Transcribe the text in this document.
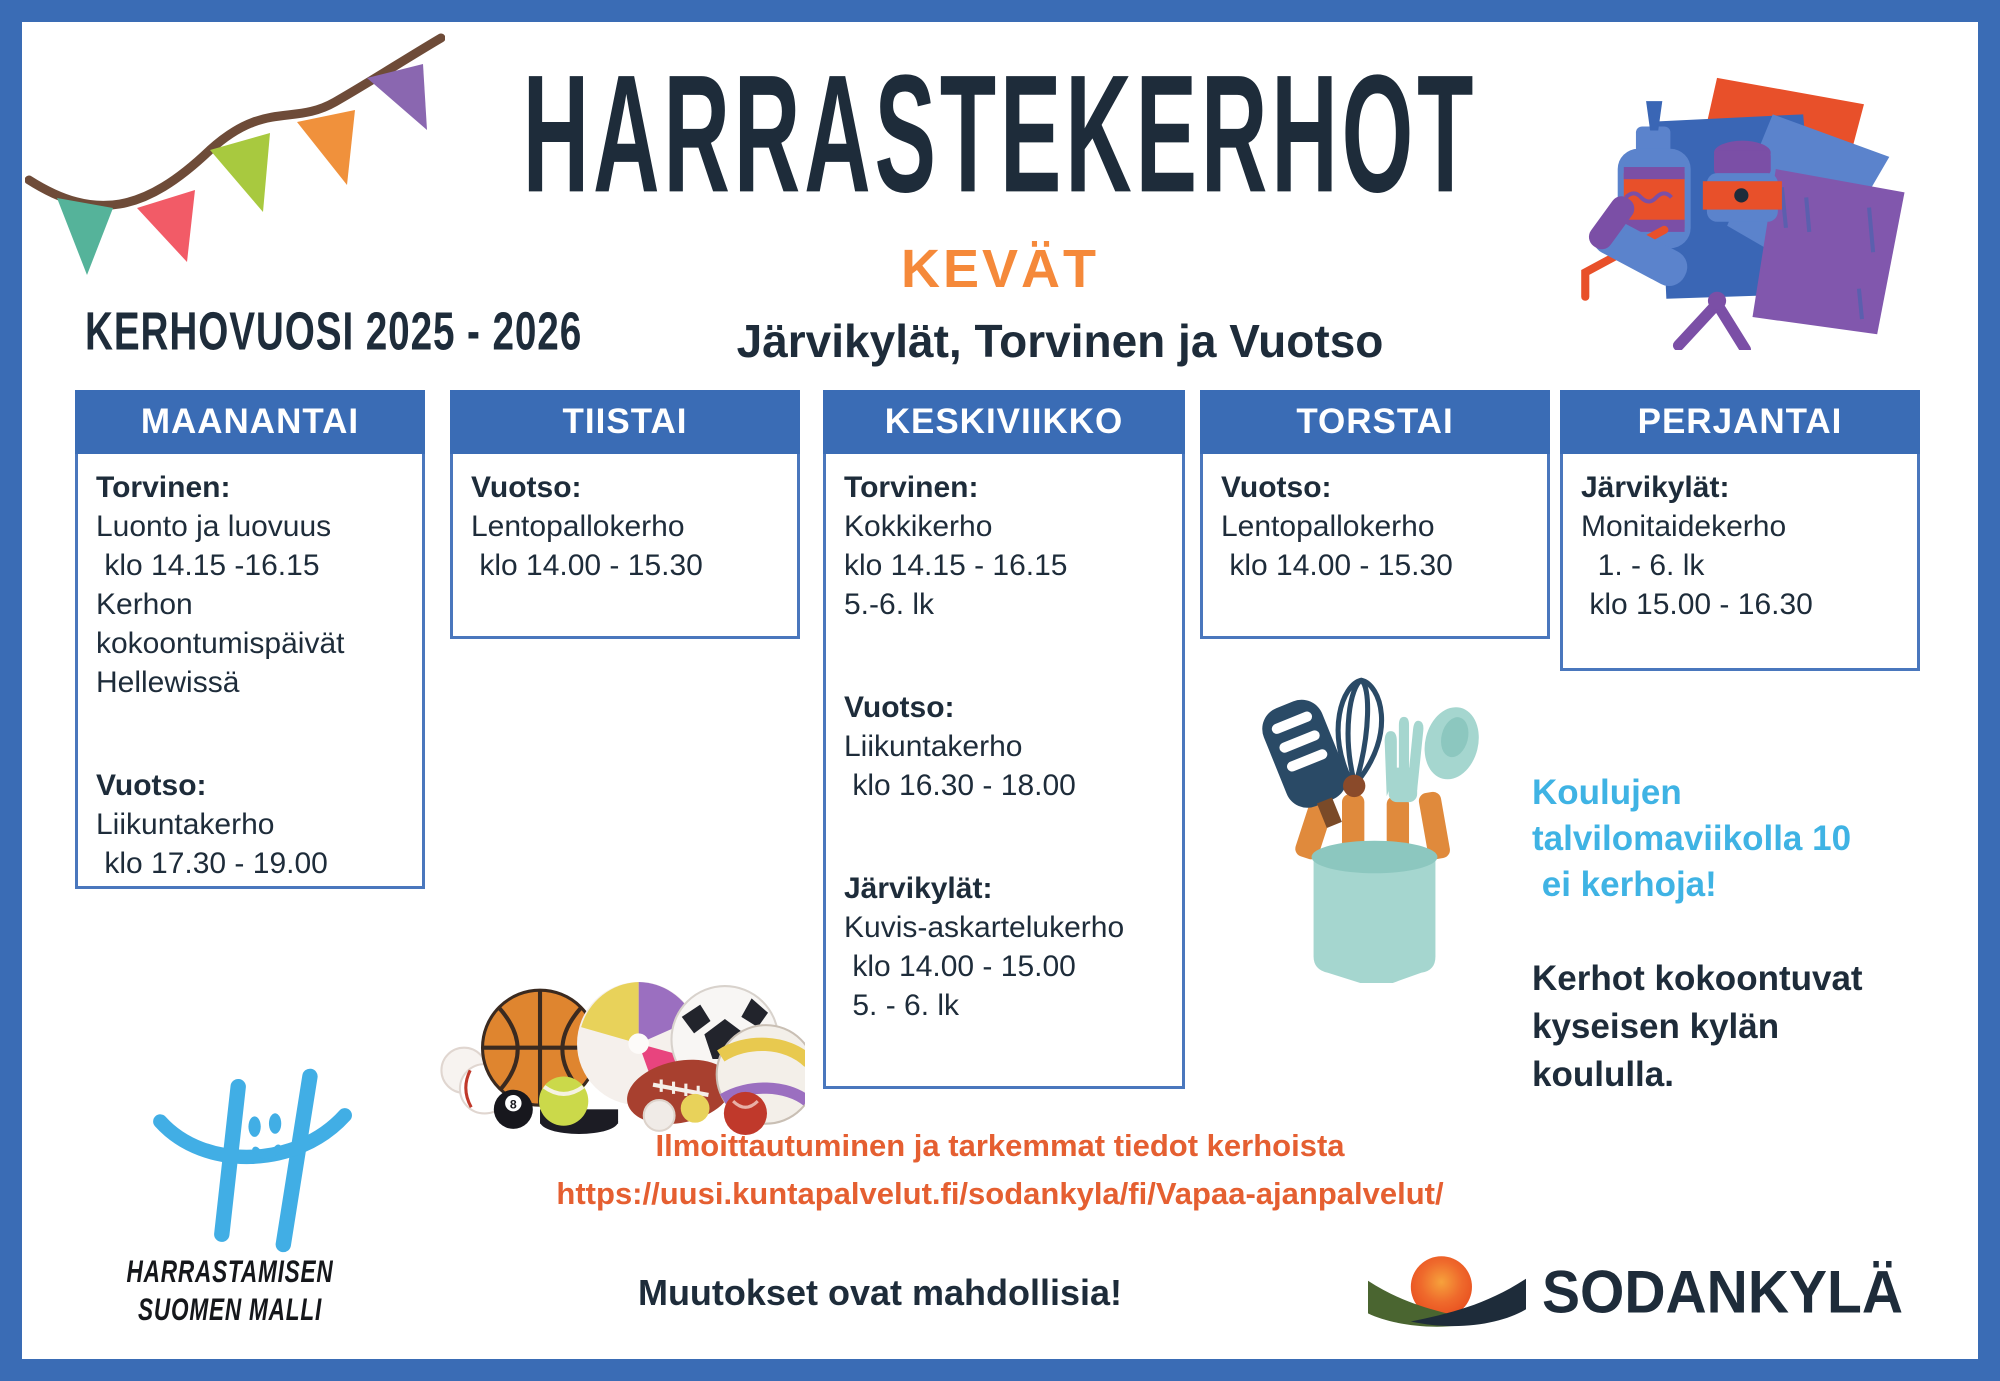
HARRASTEKERHOT
KEVÄT
KERHOVUOSI 2025 - 2026	Järvikylät, Torvinen ja Vuotso
MAANANTAI
Torvinen:
Luonto ja luovuus
klo 14.15 -16.15
Kerhon
kokoontumispäivät
Hellewissä
Vuotso:
Liikuntakerho
klo 17.30 - 19.00
TIISTAI
Vuotso:
Lentopallokerho
klo 14.00 - 15.30
KESKIVIIKKO
Torvinen:
Kokkikerho
klo 14.15 - 16.15
5.-6. lk
Vuotso:
Liikuntakerho
klo 16.30 - 18.00
Järvikylät:
Kuvis-askartelukerho
klo 14.00 - 15.00
5. - 6. lk
TORSTAI
Vuotso:
Lentopallokerho
klo 14.00 - 15.30
PERJANTAI
Järvikylät:
Monitaidekerho
1. - 6. lk
klo 15.00 - 16.30
8
Koulujen
talvilomaviikolla 10
ei kerhoja!
Kerhot kokoontuvat
kyseisen kylän
koululla.
Ilmoittautuminen ja tarkemmat tiedot kerhoista
https://uusi.kuntapalvelut.fi/sodankyla/fi/Vapaa-ajanpalvelut/
Muutokset ovat mahdollisia!
HARRASTAMISEN
SUOMEN MALLI	SODANKYLÄ
